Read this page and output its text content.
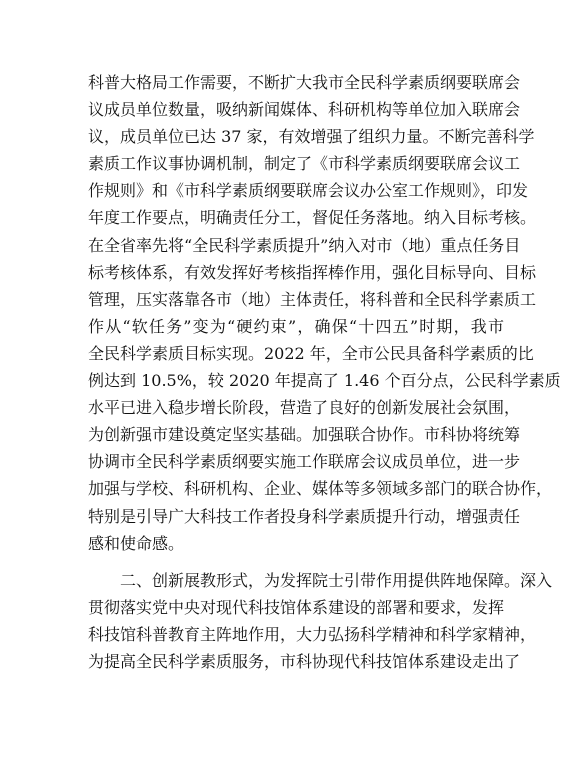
科普大格局工作需要，不断扩大我市全民科学素质纲要联席会
议成员单位数量，吸纳新闻媒体、科研机构等单位加入联席会
议，成员单位已达 37 家，有效增强了组织力量。不断完善科学
素质工作议事协调机制，制定了《市科学素质纲要联席会议工
作规则》和《市科学素质纲要联席会议办公室工作规则》，印发
年度工作要点，明确责任分工，督促任务落地。纳入目标考核。
在全省率先将“全民科学素质提升”纳入对市（地）重点任务目
标考核体系，有效发挥好考核指挥棒作用，强化目标导向、目标
管理，压实落靠各市（地）主体责任，将科普和全民科学素质工
作从“软任务”变为“硬约束”，确保“十四五”时期，我市
全民科学素质目标实现。2022 年，全市公民具备科学素质的比
例达到 10.5%，较 2020 年提高了 1.46 个百分点，公民科学素质
水平已进入稳步增长阶段，营造了良好的创新发展社会氛围，
为创新强市建设奠定坚实基础。加强联合协作。市科协将统筹
协调市全民科学素质纲要实施工作联席会议成员单位，进一步
加强与学校、科研机构、企业、媒体等多领域多部门的联合协作，
特别是引导广大科技工作者投身科学素质提升行动，增强责任
感和使命感。
　　二、创新展教形式，为发挥院士引带作用提供阵地保障。深入
贯彻落实党中央对现代科技馆体系建设的部署和要求，发挥
科技馆科普教育主阵地作用，大力弘扬科学精神和科学家精神，
为提高全民科学素质服务，市科协现代科技馆体系建设走出了
